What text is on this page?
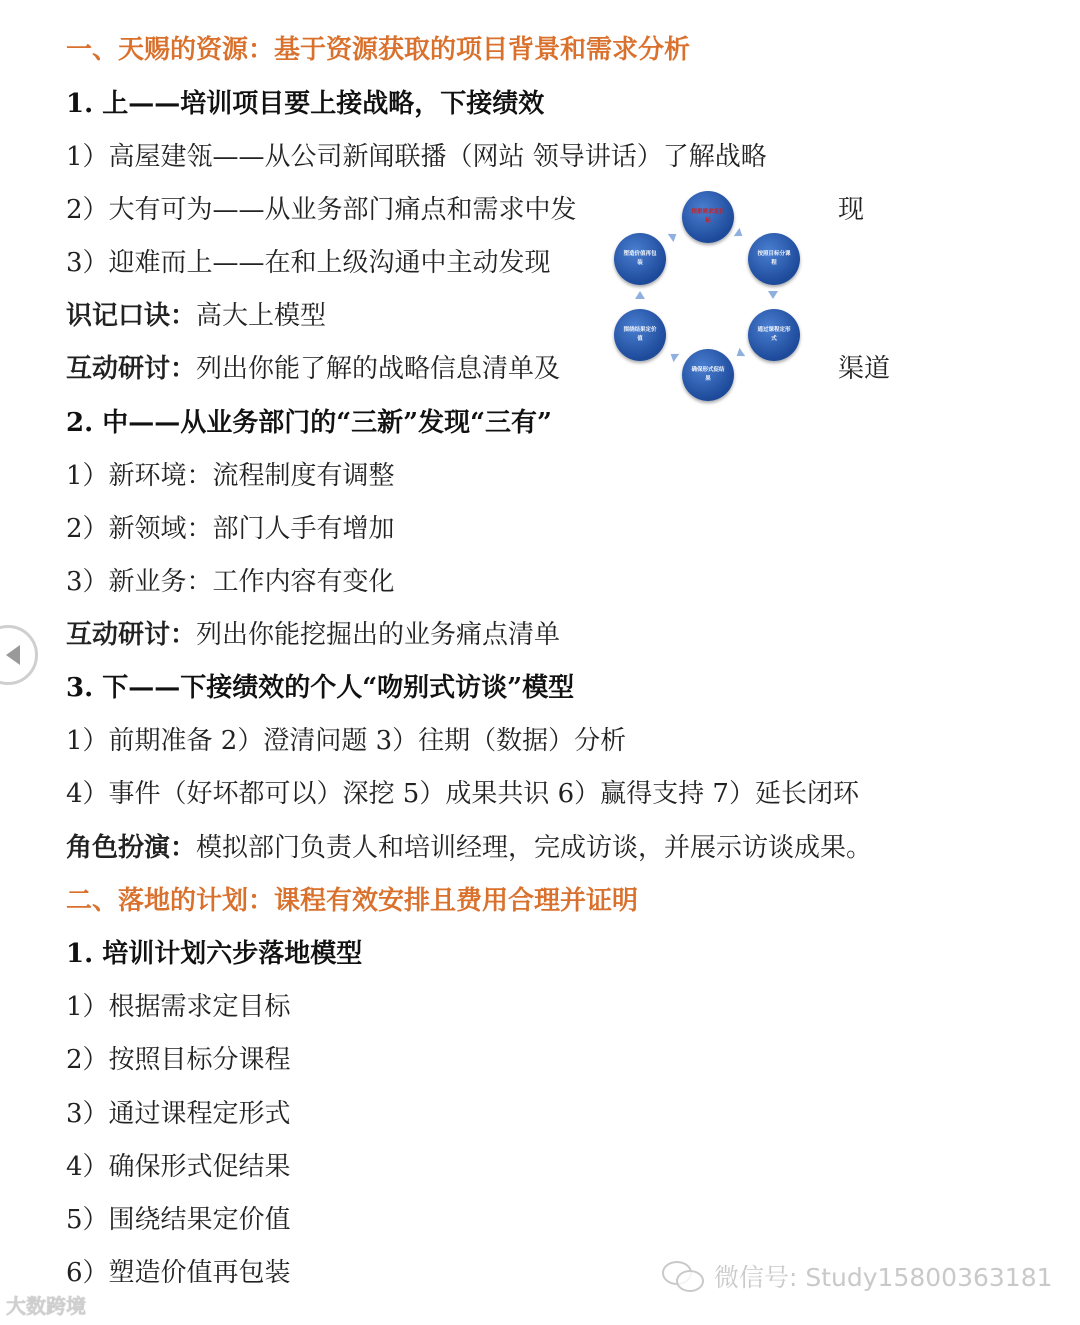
一、天赐的资源：基于资源获取的项目背景和需求分析
1. 上——培训项目要上接战略，下接绩效
1）高屋建瓴——从公司新闻联播（网站 领导讲话）了解战略
2）大有可为——从业务部门痛点和需求中发	现
3）迎难而上——在和上级沟通中主动发现
识记口诀：高大上模型
互动研讨：列出你能了解的战略信息清单及	渠道
2. 中——从业务部门的“三新”发现“三有”
1）新环境：流程制度有调整
2）新领域：部门人手有增加
3）新业务：工作内容有变化
互动研讨：列出你能挖掘出的业务痛点清单
3. 下——下接绩效的个人“吻别式访谈”模型
1）前期准备 2）澄清问题 3）往期（数据）分析
4）事件（好坏都可以）深挖 5）成果共识 6）赢得支持 7）延长闭环
角色扮演：模拟部门负责人和培训经理，完成访谈，并展示访谈成果。
二、落地的计划：课程有效安排且费用合理并证明
1. 培训计划六步落地模型
1）根据需求定目标
2）按照目标分课程
3）通过课程定形式
4）确保形式促结果
5）围绕结果定价值
6）塑造价值再包装
根据需求定目标
按照目标分课程
通过课程定形式
确保形式促结果
围绕结果定价值
塑造价值再包装
微信号: Study15800363181
大数跨境
